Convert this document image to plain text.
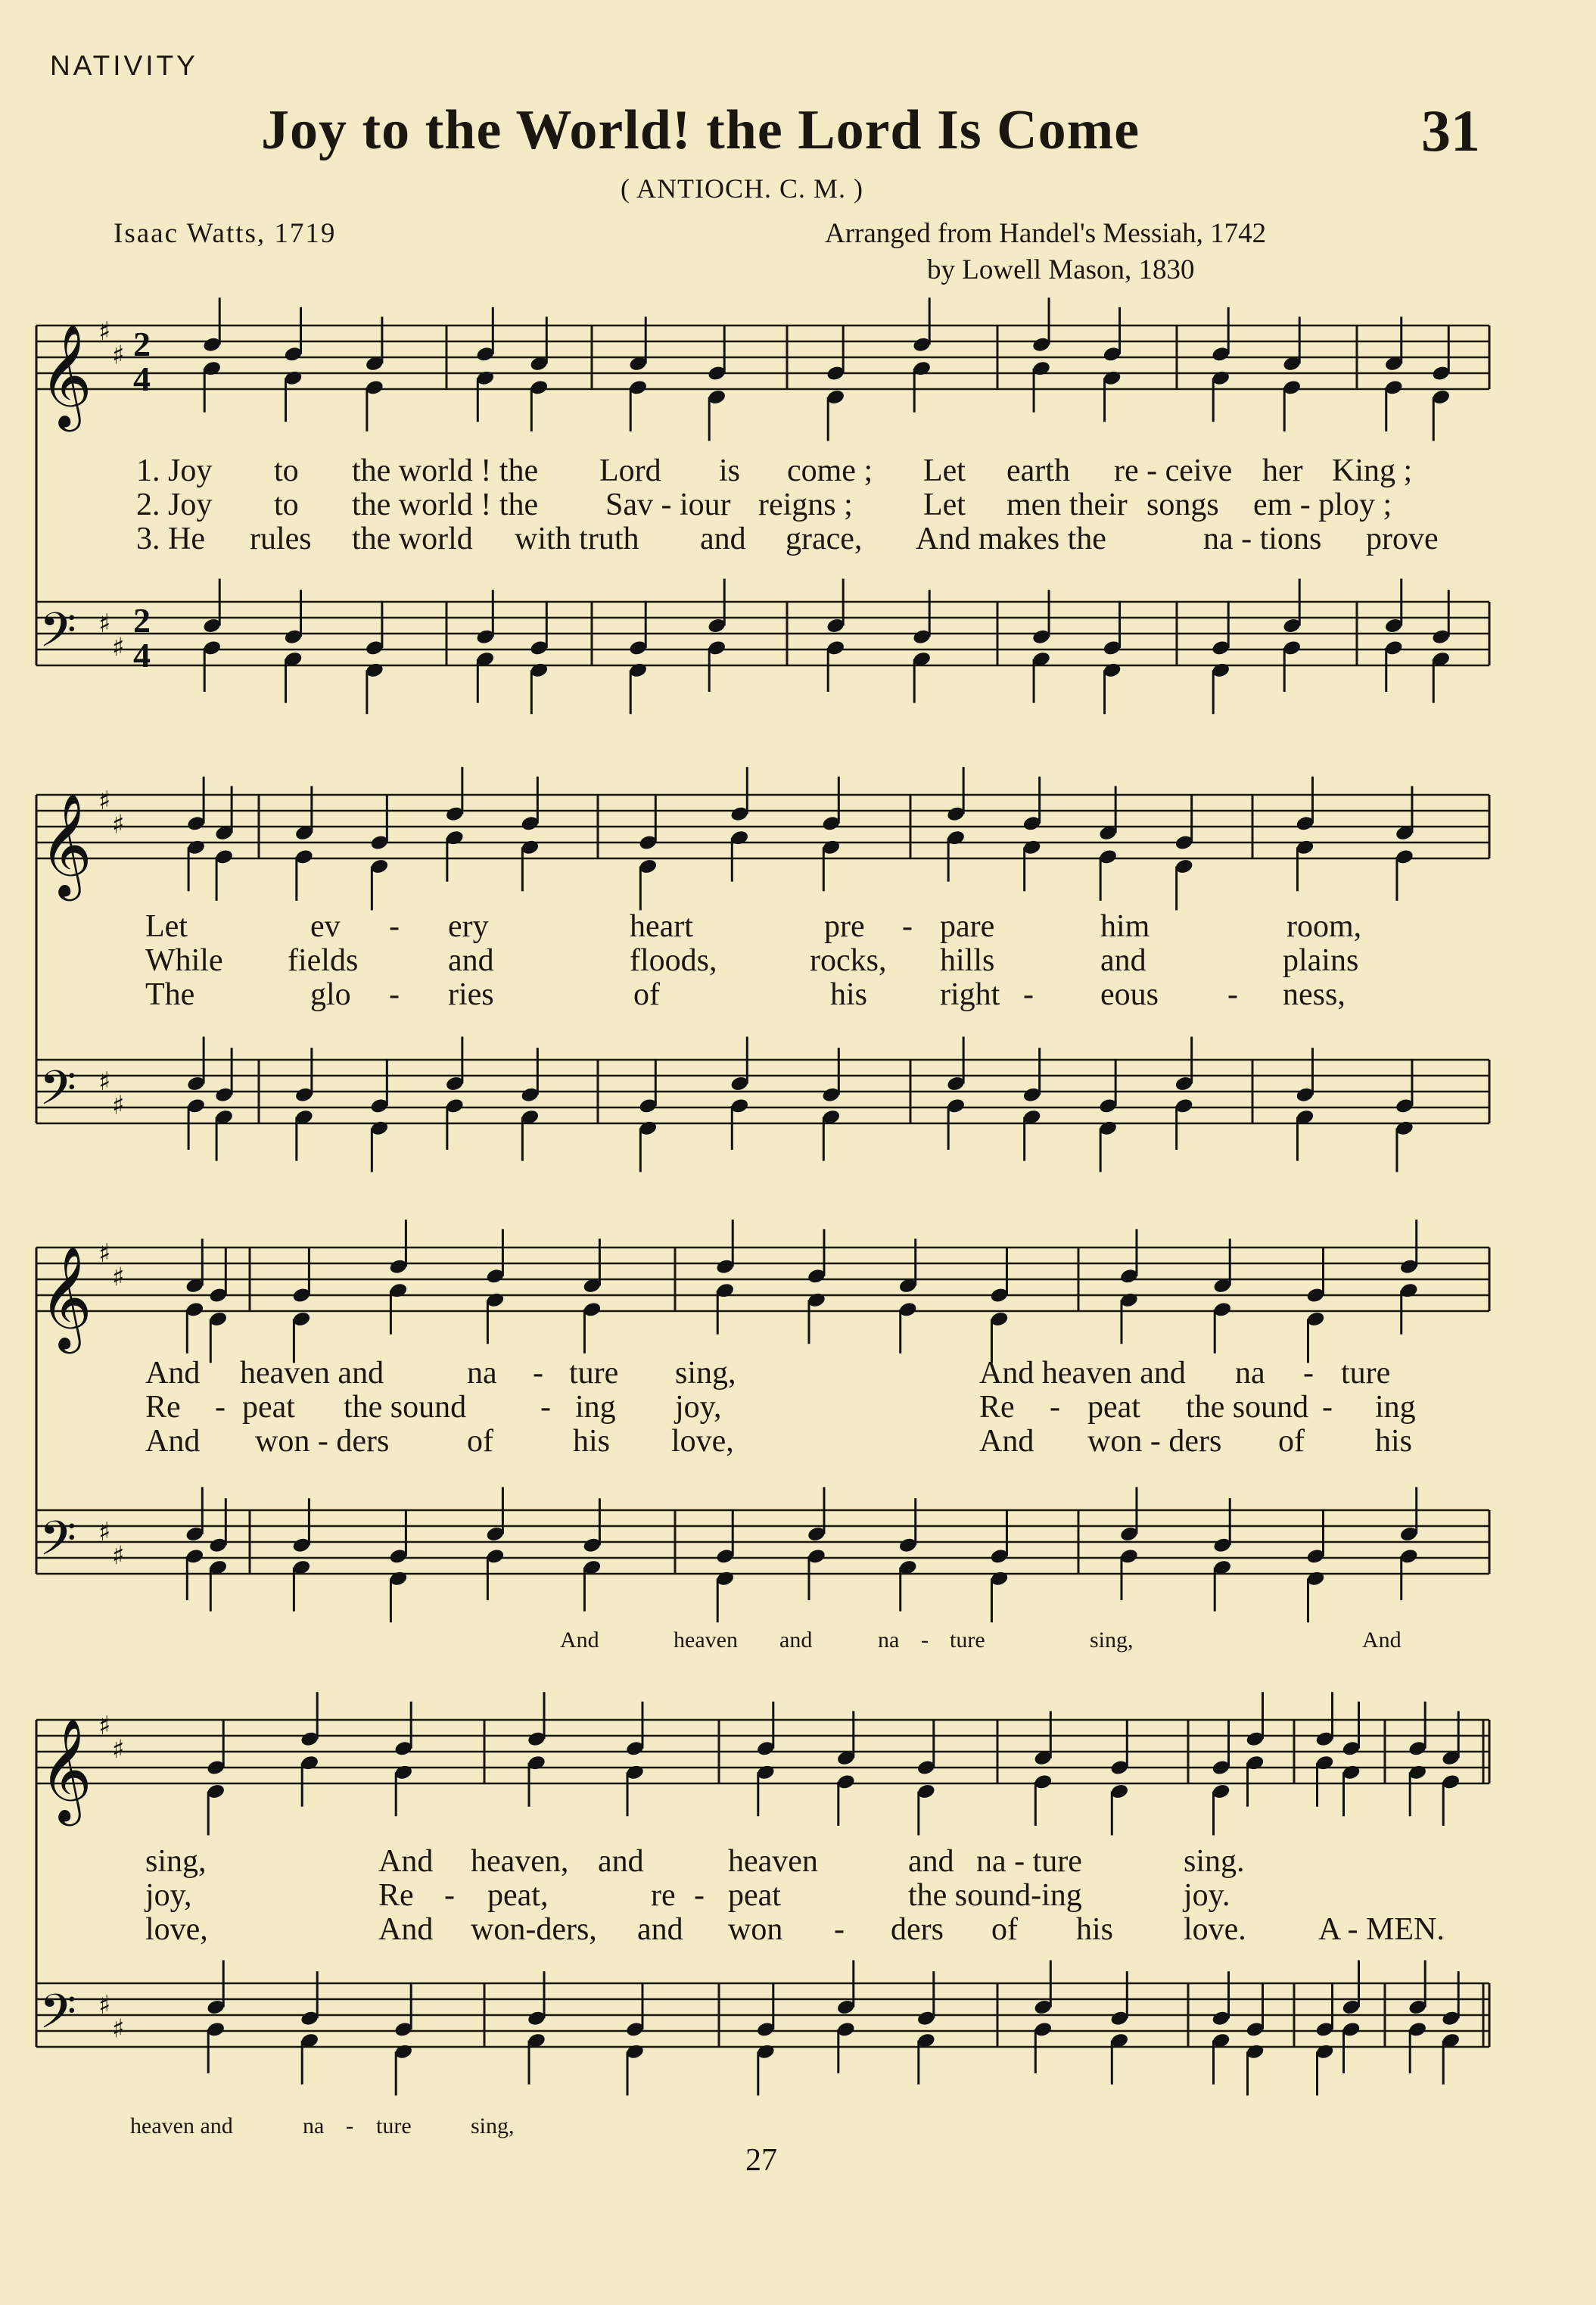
NATIVITY
Joy to the World! the Lord Is Come	31
( ANTIOCH. C. M. )
Isaac Watts, 1719	Arranged from Handel's Messiah, 1742
by Lowell Mason, 1830
𝄞 ♯
♯ 2
4
𝄢 ♯
♯
2
4
𝄞 ♯
♯
𝄢 ♯
♯
𝄞 ♯
♯
𝄢 ♯
♯
𝄞 ♯
♯
𝄢 ♯
♯
1. Joy to the world ! the Lord is come ; Let earth re - ceive her King ;
2. Joy to the world ! the Sav - iour reigns ; Let men their songs em - ploy ;
3. He rules the world with truth and grace, And makes the	na - tions prove
Let	ev - ery	heart	pre - pare	him	room,
While fields	and	floods,	rocks, hills	and	plains
The	glo - ries	of	his right - eous - ness,
And heaven and	na - ture sing,	And heaven and na - ture
Re - peat the sound - ing joy,	Re - peat the sound - ing
And won - ders of	his love,	And won - ders of his
And	heaven and	na - ture	sing,	And
sing,	And heaven, and	heaven	and na - ture	sing.
joy,	Re - peat,	re - peat	the sound-ing	joy.
love,	And won-ders, and won - ders of his love. A - MEN.
heaven and	na - ture	sing,
27
